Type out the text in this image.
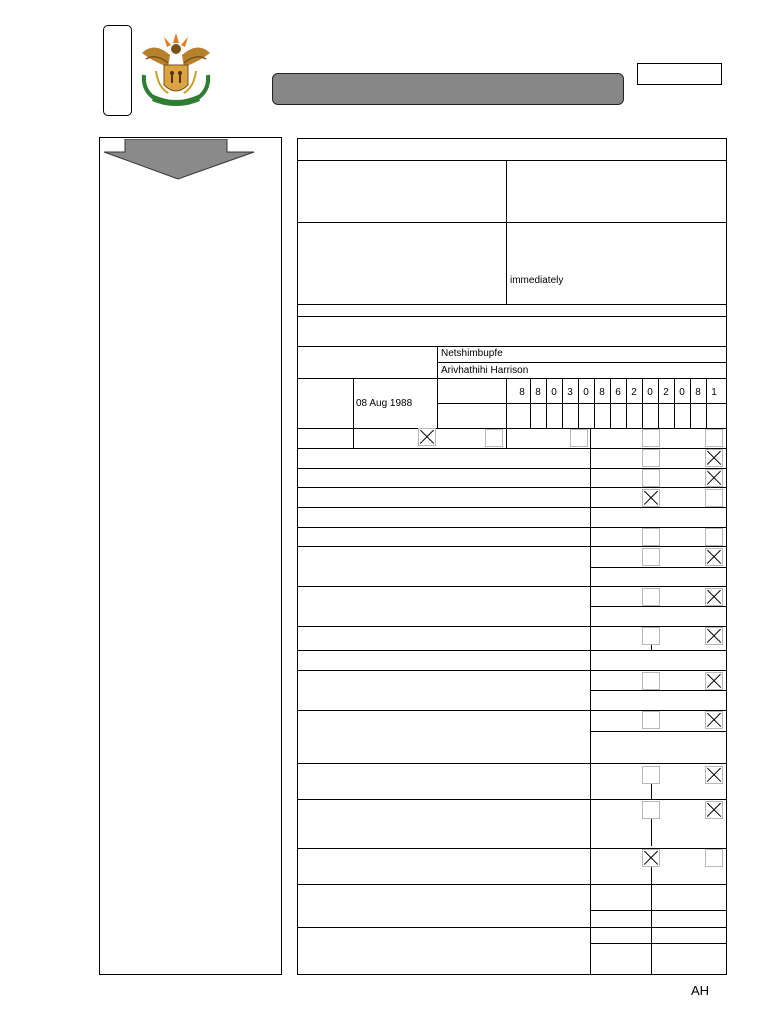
immediately
Netshimbupfe
Arivhathihi Harrison
08 Aug 1988
8	8	0	3	0	8	6	2	0	2	0	8	1
AH
